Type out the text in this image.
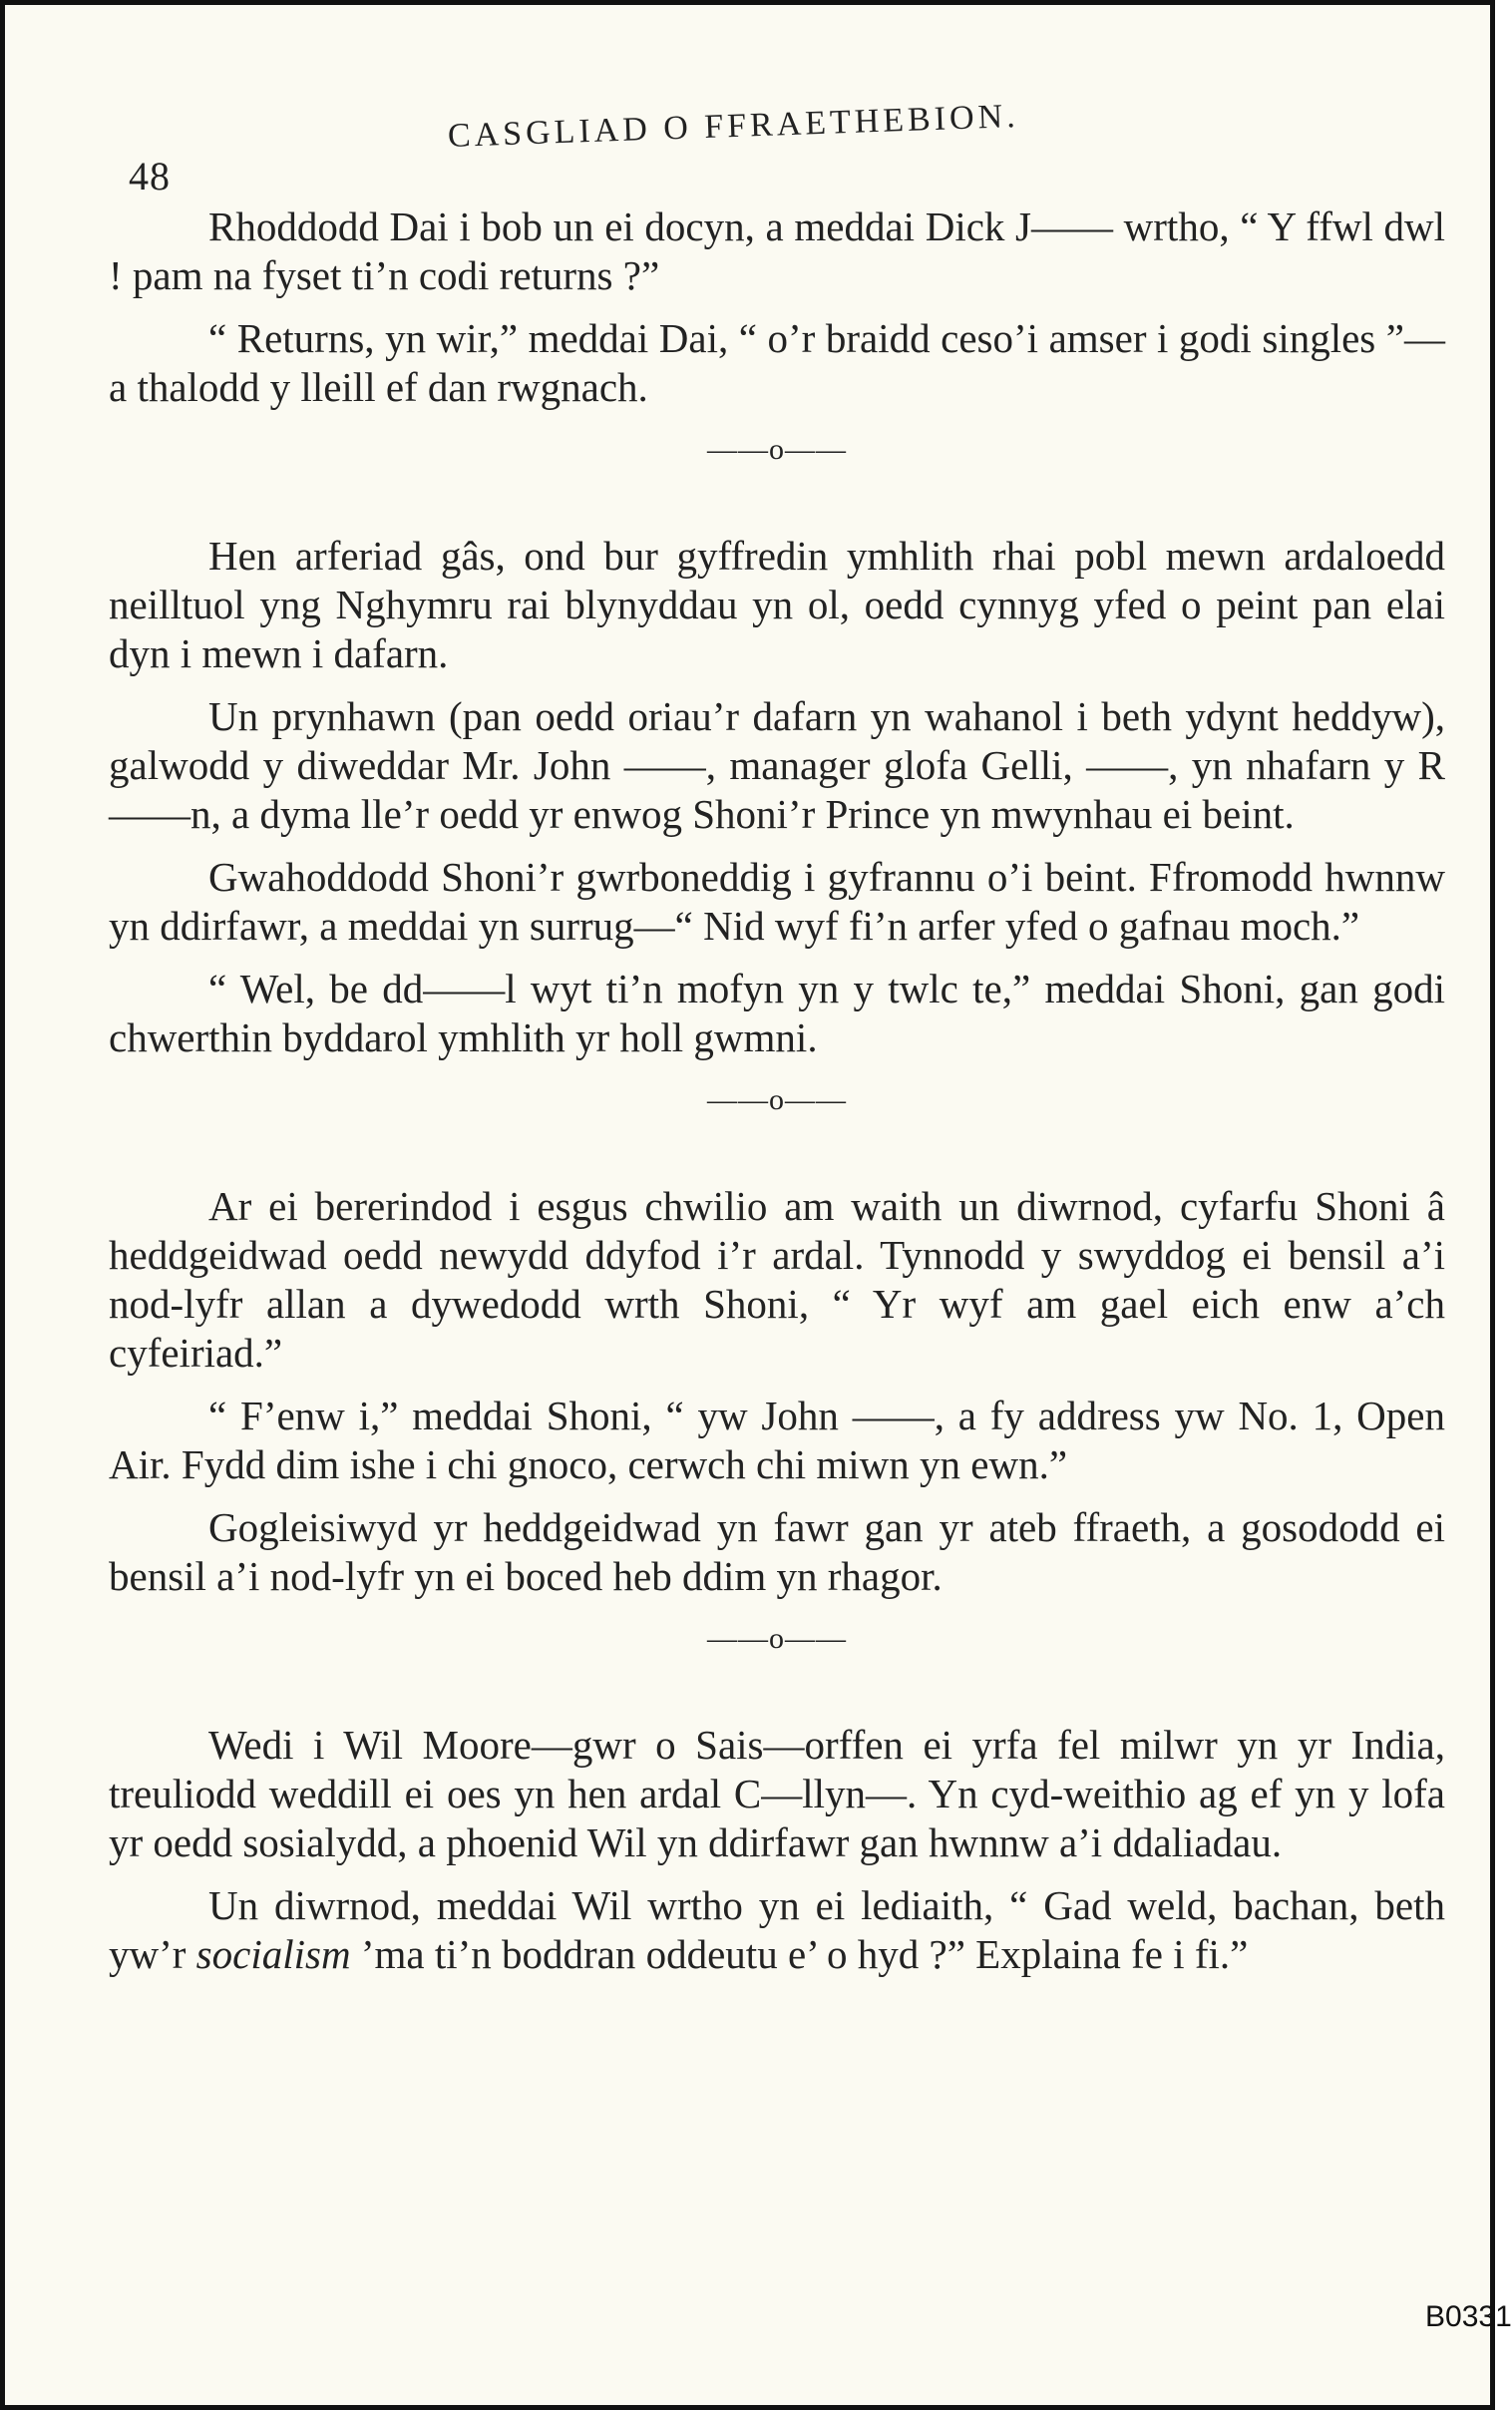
48
CASGLIAD O FFRAETHEBION.

Rhoddodd Dai i bob un ei docyn, a meddai Dick J—— wrtho, “ Y ffwl dwl ! pam na fyset ti’n codi returns ?”

“ Returns, yn wir,” meddai Dai, “ o’r braidd ceso’i amser i godi singles ”—a thalodd y lleill ef dan rwgnach.

——o——

Hen arferiad gâs, ond bur gyffredin ymhlith rhai pobl mewn ardaloedd neilltuol yng Nghymru rai blynyddau yn ol, oedd cynnyg yfed o peint pan elai dyn i mewn i dafarn.

Un prynhawn (pan oedd oriau’r dafarn yn wahanol i beth ydynt heddyw), galwodd y diweddar Mr. John ——, manager glofa Gelli, ——, yn nhafarn y R——n, a dyma lle’r oedd yr enwog Shoni’r Prince yn mwynhau ei beint.

Gwahoddodd Shoni’r gwrboneddig i gyfrannu o’i beint. Ffromodd hwnnw yn ddirfawr, a meddai yn surrug—“ Nid wyf fi’n arfer yfed o gafnau moch.”

“ Wel, be dd——l wyt ti’n mofyn yn y twlc te,” meddai Shoni, gan godi chwerthin byddarol ymhlith yr holl gwmni.

——o——

Ar ei bererindod i esgus chwilio am waith un diwrnod, cyfarfu Shoni â heddgeidwad oedd newydd ddyfod i’r ardal. Tynnodd y swyddog ei bensil a’i nod-lyfr allan a dywedodd wrth Shoni, “ Yr wyf am gael eich enw a’ch cyfeiriad.”

“ F’enw i,” meddai Shoni, “ yw John ——, a fy address yw No. 1, Open Air. Fydd dim ishe i chi gnoco, cerwch chi miwn yn ewn.”

Gogleisiwyd yr heddgeidwad yn fawr gan yr ateb ffraeth, a gosododd ei bensil a’i nod-lyfr yn ei boced heb ddim yn rhagor.

——o——

Wedi i Wil Moore—gwr o Sais—orffen ei yrfa fel milwr yn yr India, treuliodd weddill ei oes yn hen ardal C—llyn—. Yn cyd-weithio ag ef yn y lofa yr oedd sosialydd, a phoenid Wil yn ddirfawr gan hwnnw a’i ddaliadau.

Un diwrnod, meddai Wil wrtho yn ei lediaith, “ Gad weld, bachan, beth yw’r socialism ’ma ti’n boddran oddeutu e’ o hyd ?” Explaina fe i fi.”

B0331
